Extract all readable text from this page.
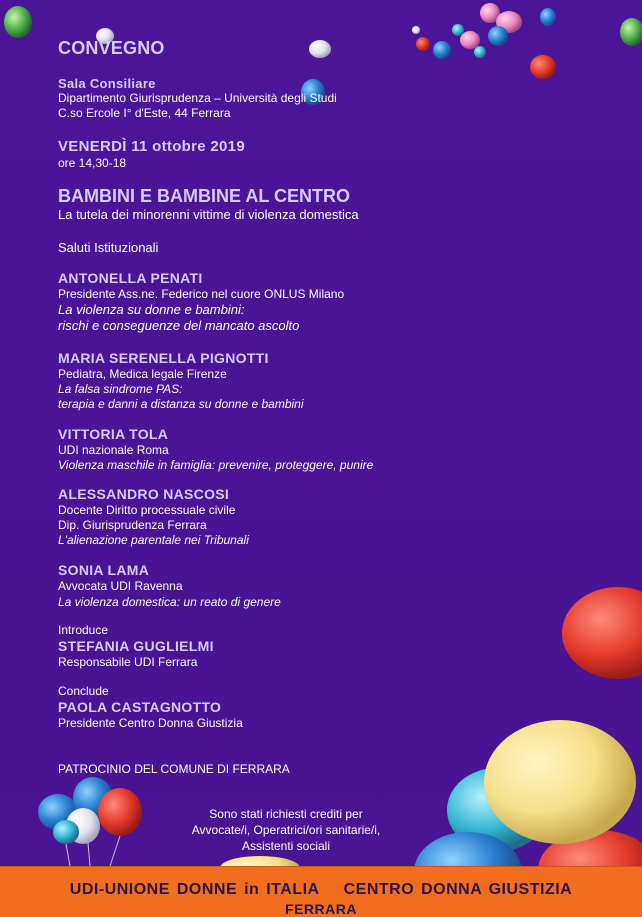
CONVEGNO
Sala Consiliare
Dipartimento Giurisprudenza – Università degli Studi
C.so Ercole I° d'Este, 44 Ferrara
VENERDÌ 11 ottobre 2019
ore 14,30-18
BAMBINI E BAMBINE AL CENTRO
La tutela dei minorenni vittime di violenza domestica
Saluti Istituzionali
ANTONELLA PENATI
Presidente Ass.ne. Federico nel cuore ONLUS Milano
La violenza su donne e bambini:
rischi e conseguenze del mancato ascolto
MARIA SERENELLA PIGNOTTI
Pediatra, Medica legale Firenze
La falsa sindrome PAS:
terapia e danni a distanza su donne e bambini
VITTORIA TOLA
UDI nazionale Roma
Violenza maschile in famiglia: prevenire, proteggere, punire
ALESSANDRO NASCOSI
Docente Diritto processuale civile
Dip. Giurisprudenza Ferrara
L'alienazione parentale nei Tribunali
SONIA LAMA
Avvocata UDI Ravenna
La violenza domestica: un reato di genere
Introduce
STEFANIA GUGLIELMI
Responsabile UDI Ferrara
Conclude
PAOLA CASTAGNOTTO
Presidente Centro Donna Giustizia
PATROCINIO DEL COMUNE DI FERRARA
Sono stati richiesti crediti per
Avvocate/i, Operatrici/ori sanitarie/i,
Assistenti sociali
UDI-UNIONE DONNE in ITALIA CENTRO DONNA GIUSTIZIA
FERRARA
